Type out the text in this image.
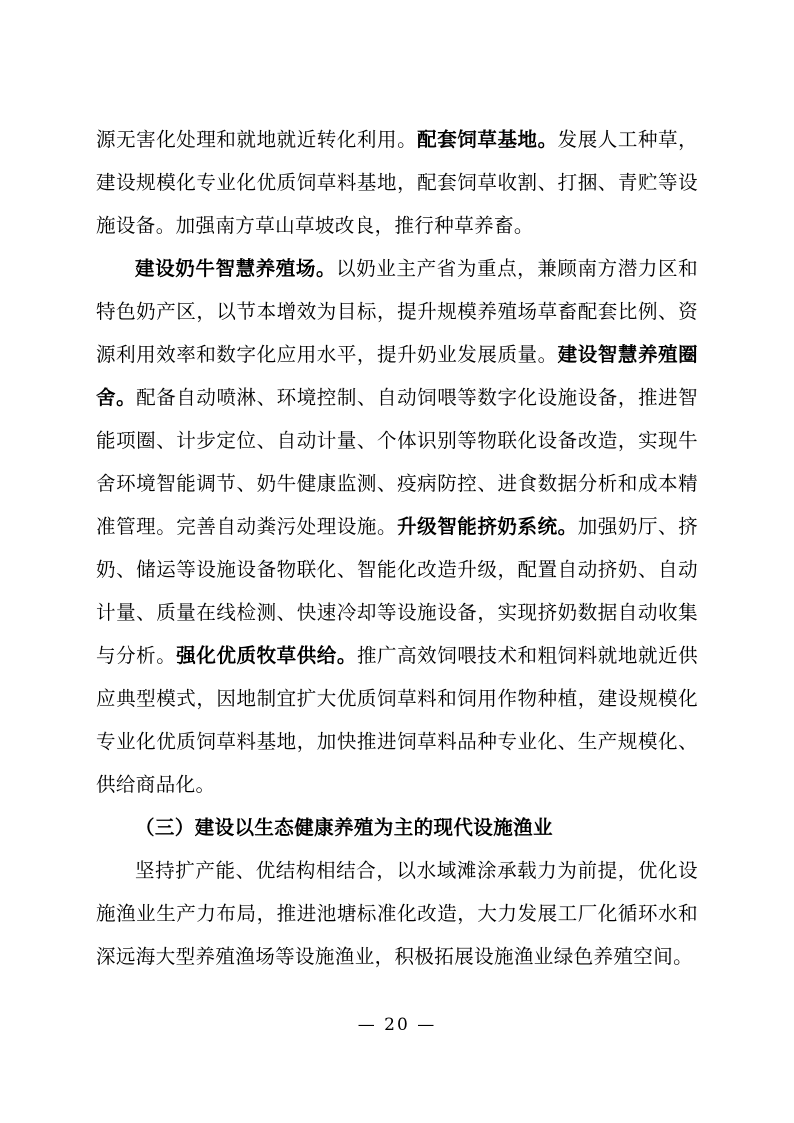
源无害化处理和就地就近转化利用。配套饲草基地。发展人工种草，建设规模化专业化优质饲草料基地，配套饲草收割、打捆、青贮等设施设备。加强南方草山草坡改良，推行种草养畜。

建设奶牛智慧养殖场。以奶业主产省为重点，兼顾南方潜力区和特色奶产区，以节本增效为目标，提升规模养殖场草畜配套比例、资源利用效率和数字化应用水平，提升奶业发展质量。建设智慧养殖圈舍。配备自动喷淋、环境控制、自动饲喂等数字化设施设备，推进智能项圈、计步定位、自动计量、个体识别等物联化设备改造，实现牛舍环境智能调节、奶牛健康监测、疫病防控、进食数据分析和成本精准管理。完善自动粪污处理设施。升级智能挤奶系统。加强奶厅、挤奶、储运等设施设备物联化、智能化改造升级，配置自动挤奶、自动计量、质量在线检测、快速冷却等设施设备，实现挤奶数据自动收集与分析。强化优质牧草供给。推广高效饲喂技术和粗饲料就地就近供应典型模式，因地制宜扩大优质饲草料和饲用作物种植，建设规模化专业化优质饲草料基地，加快推进饲草料品种专业化、生产规模化、供给商品化。

（三）建设以生态健康养殖为主的现代设施渔业

坚持扩产能、优结构相结合，以水域滩涂承载力为前提，优化设施渔业生产力布局，推进池塘标准化改造，大力发展工厂化循环水和深远海大型养殖渔场等设施渔业，积极拓展设施渔业绿色养殖空间。

— 20 —
